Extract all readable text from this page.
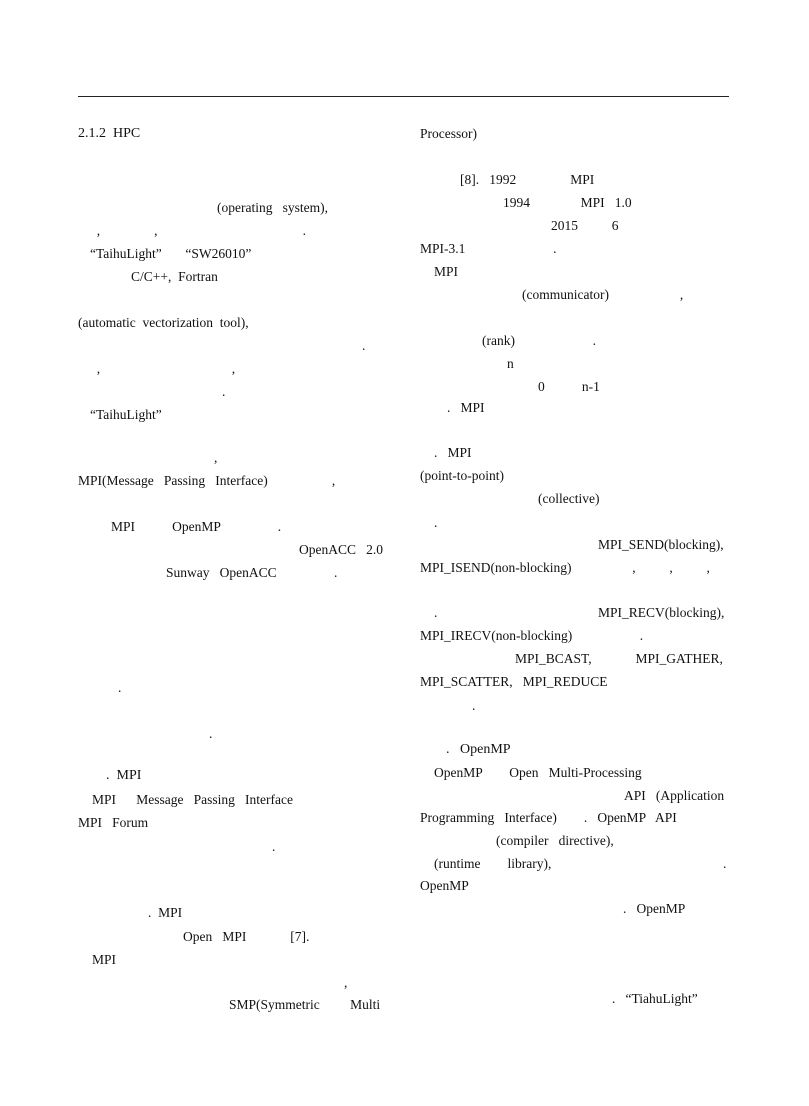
2.1.2  HPC
(operating   system),
,                ,                                           .
“TaihuLight”       “SW26010”
C/C++,  Fortran
(automatic  vectorization  tool),
.
,                                       ,
.
“TaihuLight”
,
MPI(Message   Passing   Interface)                   ,
MPI           OpenMP                 .
OpenACC   2.0
Sunway   OpenACC                 .
.
.
.  MPI
MPI      Message   Passing   Interface
MPI   Forum
.
.  MPI
Open   MPI             [7].
MPI
,
SMP(Symmetric         Multi
Processor)
[8].   1992                MPI
1994               MPI   1.0
2015          6
MPI-3.1                          .
MPI
(communicator)                     ,
(rank)                       .
n
0           n-1
.   MPI
.   MPI
(point-to-point)
(collective)
.
MPI_SEND(blocking),
MPI_ISEND(non-blocking)                  ,          ,          ,
.	MPI_RECV(blocking),
MPI_IRECV(non-blocking)                    .
MPI_BCAST,             MPI_GATHER,
MPI_SCATTER,   MPI_REDUCE
.
.   OpenMP
OpenMP        Open   Multi-Processing
API   (Application
Programming   Interface)        .   OpenMP   API
(compiler   directive),
(runtime        library),	.
OpenMP
.   OpenMP
.   “TiahuLight”
